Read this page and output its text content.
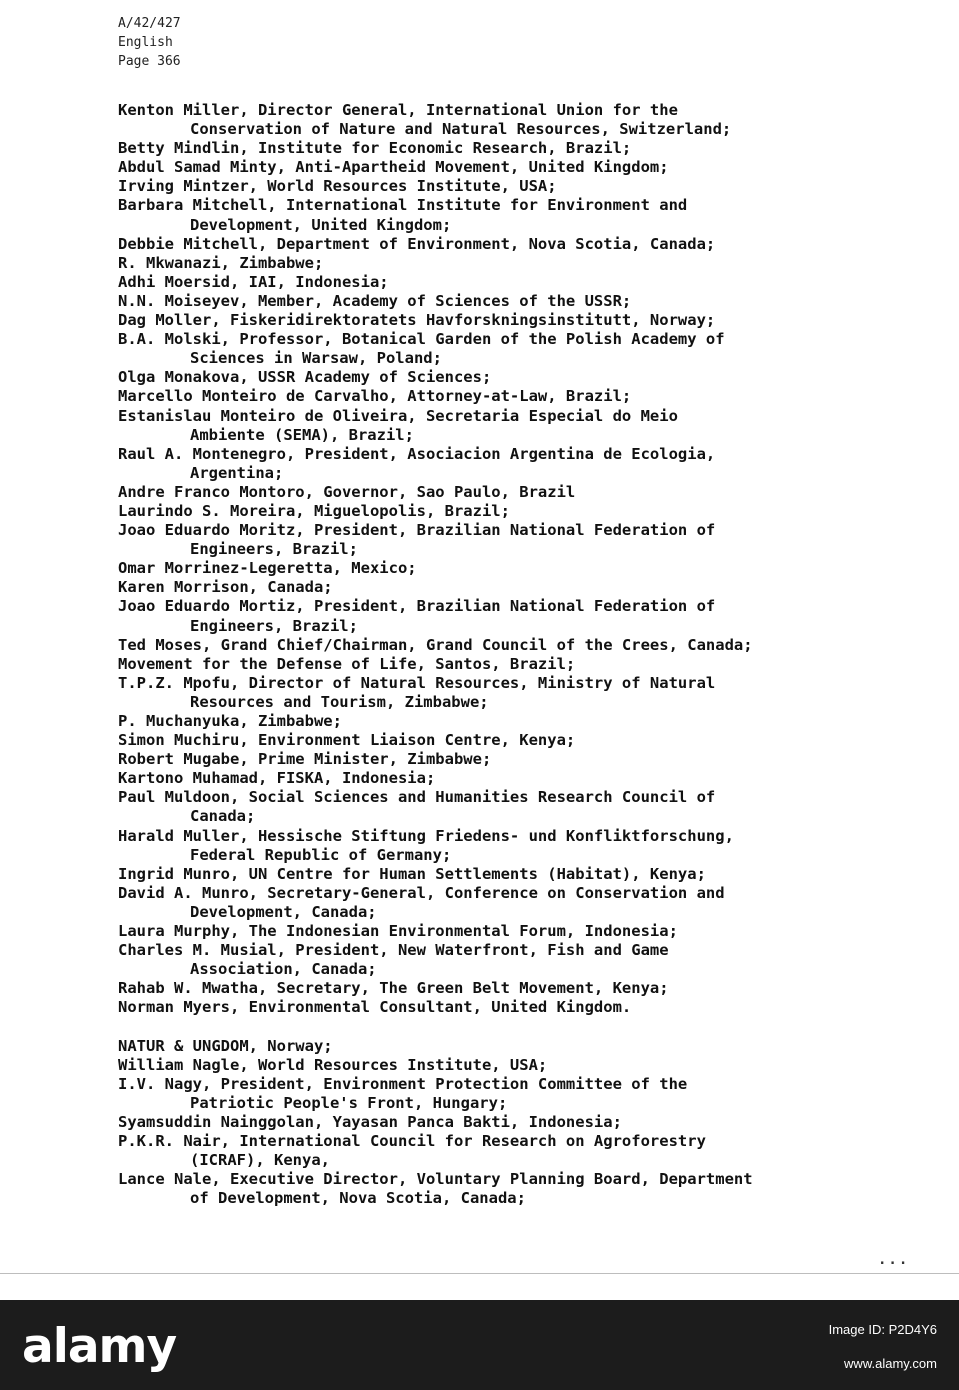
A/42/427
English
Page 366
Kenton Miller, Director General, International Union for the
Conservation of Nature and Natural Resources, Switzerland;
Betty Mindlin, Institute for Economic Research, Brazil;
Abdul Samad Minty, Anti-Apartheid Movement, United Kingdom;
Irving Mintzer, World Resources Institute, USA;
Barbara Mitchell, International Institute for Environment and
Development, United Kingdom;
Debbie Mitchell, Department of Environment, Nova Scotia, Canada;
R. Mkwanazi, Zimbabwe;
Adhi Moersid, IAI, Indonesia;
N.N. Moiseyev, Member, Academy of Sciences of the USSR;
Dag Moller, Fiskeridirektoratets Havforskningsinstitutt, Norway;
B.A. Molski, Professor, Botanical Garden of the Polish Academy of
Sciences in Warsaw, Poland;
Olga Monakova, USSR Academy of Sciences;
Marcello Monteiro de Carvalho, Attorney-at-Law, Brazil;
Estanislau Monteiro de Oliveira, Secretaria Especial do Meio
Ambiente (SEMA), Brazil;
Raul A. Montenegro, President, Asociacion Argentina de Ecologia,
Argentina;
Andre Franco Montoro, Governor, Sao Paulo, Brazil
Laurindo S. Moreira, Miguelopolis, Brazil;
Joao Eduardo Moritz, President, Brazilian National Federation of
Engineers, Brazil;
Omar Morrinez-Legeretta, Mexico;
Karen Morrison, Canada;
Joao Eduardo Mortiz, President, Brazilian National Federation of
Engineers, Brazil;
Ted Moses, Grand Chief/Chairman, Grand Council of the Crees, Canada;
Movement for the Defense of Life, Santos, Brazil;
T.P.Z. Mpofu, Director of Natural Resources, Ministry of Natural
Resources and Tourism, Zimbabwe;
P. Muchanyuka, Zimbabwe;
Simon Muchiru, Environment Liaison Centre, Kenya;
Robert Mugabe, Prime Minister, Zimbabwe;
Kartono Muhamad, FISKA, Indonesia;
Paul Muldoon, Social Sciences and Humanities Research Council of
Canada;
Harald Muller, Hessische Stiftung Friedens- und Konfliktforschung,
Federal Republic of Germany;
Ingrid Munro, UN Centre for Human Settlements (Habitat), Kenya;
David A. Munro, Secretary-General, Conference on Conservation and
Development, Canada;
Laura Murphy, The Indonesian Environmental Forum, Indonesia;
Charles M. Musial, President, New Waterfront, Fish and Game
Association, Canada;
Rahab W. Mwatha, Secretary, The Green Belt Movement, Kenya;
Norman Myers, Environmental Consultant, United Kingdom.
NATUR & UNGDOM, Norway;
William Nagle, World Resources Institute, USA;
I.V. Nagy, President, Environment Protection Committee of the
Patriotic People's Front, Hungary;
Syamsuddin Nainggolan, Yayasan Panca Bakti, Indonesia;
P.K.R. Nair, International Council for Research on Agroforestry
(ICRAF), Kenya,
Lance Nale, Executive Director, Voluntary Planning Board, Department
of Development, Nova Scotia, Canada;
...
alamy	Image ID: P2D4Y6
www.alamy.com
